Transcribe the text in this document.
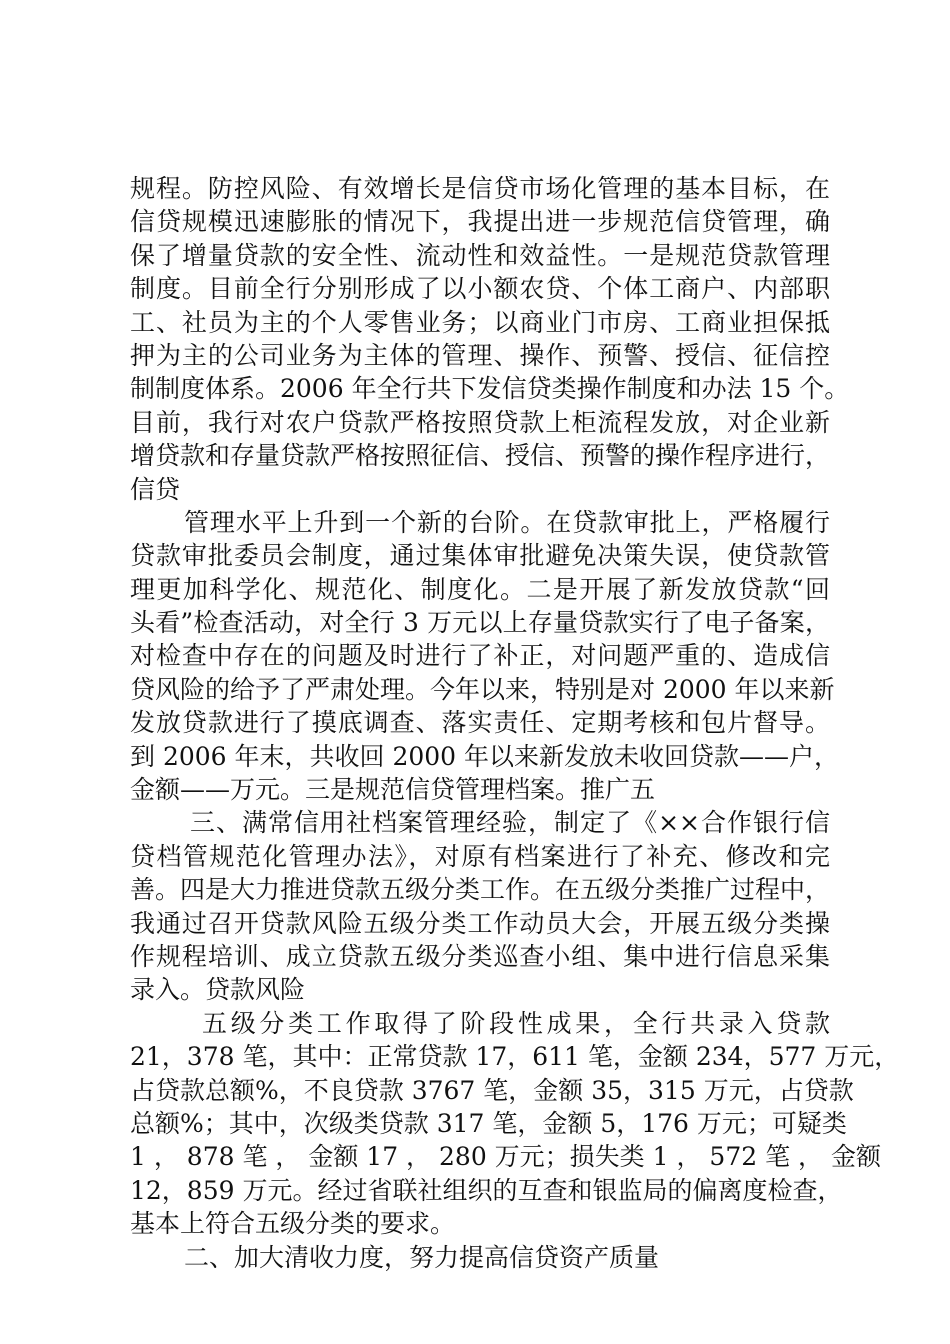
规程。防控风险、有效增长是信贷市场化管理的基本目标，在
信贷规模迅速膨胀的情况下，我提出进一步规范信贷管理，确
保了增量贷款的安全性、流动性和效益性。一是规范贷款管理
制度。目前全行分别形成了以小额农贷、个体工商户、内部职
工、社员为主的个人零售业务；以商业门市房、工商业担保抵
押为主的公司业务为主体的管理、操作、预警、授信、征信控
制制度体系。2006 年全行共下发信贷类操作制度和办法 15 个。
目前，我行对农户贷款严格按照贷款上柜流程发放，对企业新
增贷款和存量贷款严格按照征信、授信、预警的操作程序进行，
信贷
管理水平上升到一个新的台阶。在贷款审批上，严格履行
贷款审批委员会制度，通过集体审批避免决策失误，使贷款管
理更加科学化、规范化、制度化。二是开展了新发放贷款“回
头看”检查活动，对全行 3 万元以上存量贷款实行了电子备案，
对检查中存在的问题及时进行了补正，对问题严重的、造成信
贷风险的给予了严肃处理。今年以来，特别是对 2000 年以来新
发放贷款进行了摸底调查、落实责任、定期考核和包片督导。
到 2006 年末，共收回 2000 年以来新发放未收回贷款——户，
金额——万元。三是规范信贷管理档案。推广五
三、满常信用社档案管理经验，制定了《××合作银行信
贷档管规范化管理办法》，对原有档案进行了补充、修改和完
善。四是大力推进贷款五级分类工作。在五级分类推广过程中，
我通过召开贷款风险五级分类工作动员大会，开展五级分类操
作规程培训、成立贷款五级分类巡查小组、集中进行信息采集
录入。贷款风险
五级分类工作取得了阶段性成果，全行共录入贷款
21，378 笔，其中：正常贷款 17，611 笔，金额 234，577 万元，
占贷款总额%，不良贷款 3767 笔，金额 35，315 万元，占贷款
总额%；其中，次级类贷款 317 笔，金额 5，176 万元；可疑类
1 ， 878 笔 ， 金额 17 ， 280 万元；损失类 1 ， 572 笔 ， 金额
12，859 万元。经过省联社组织的互查和银监局的偏离度检查，
基本上符合五级分类的要求。
二、加大清收力度，努力提高信贷资产质量
